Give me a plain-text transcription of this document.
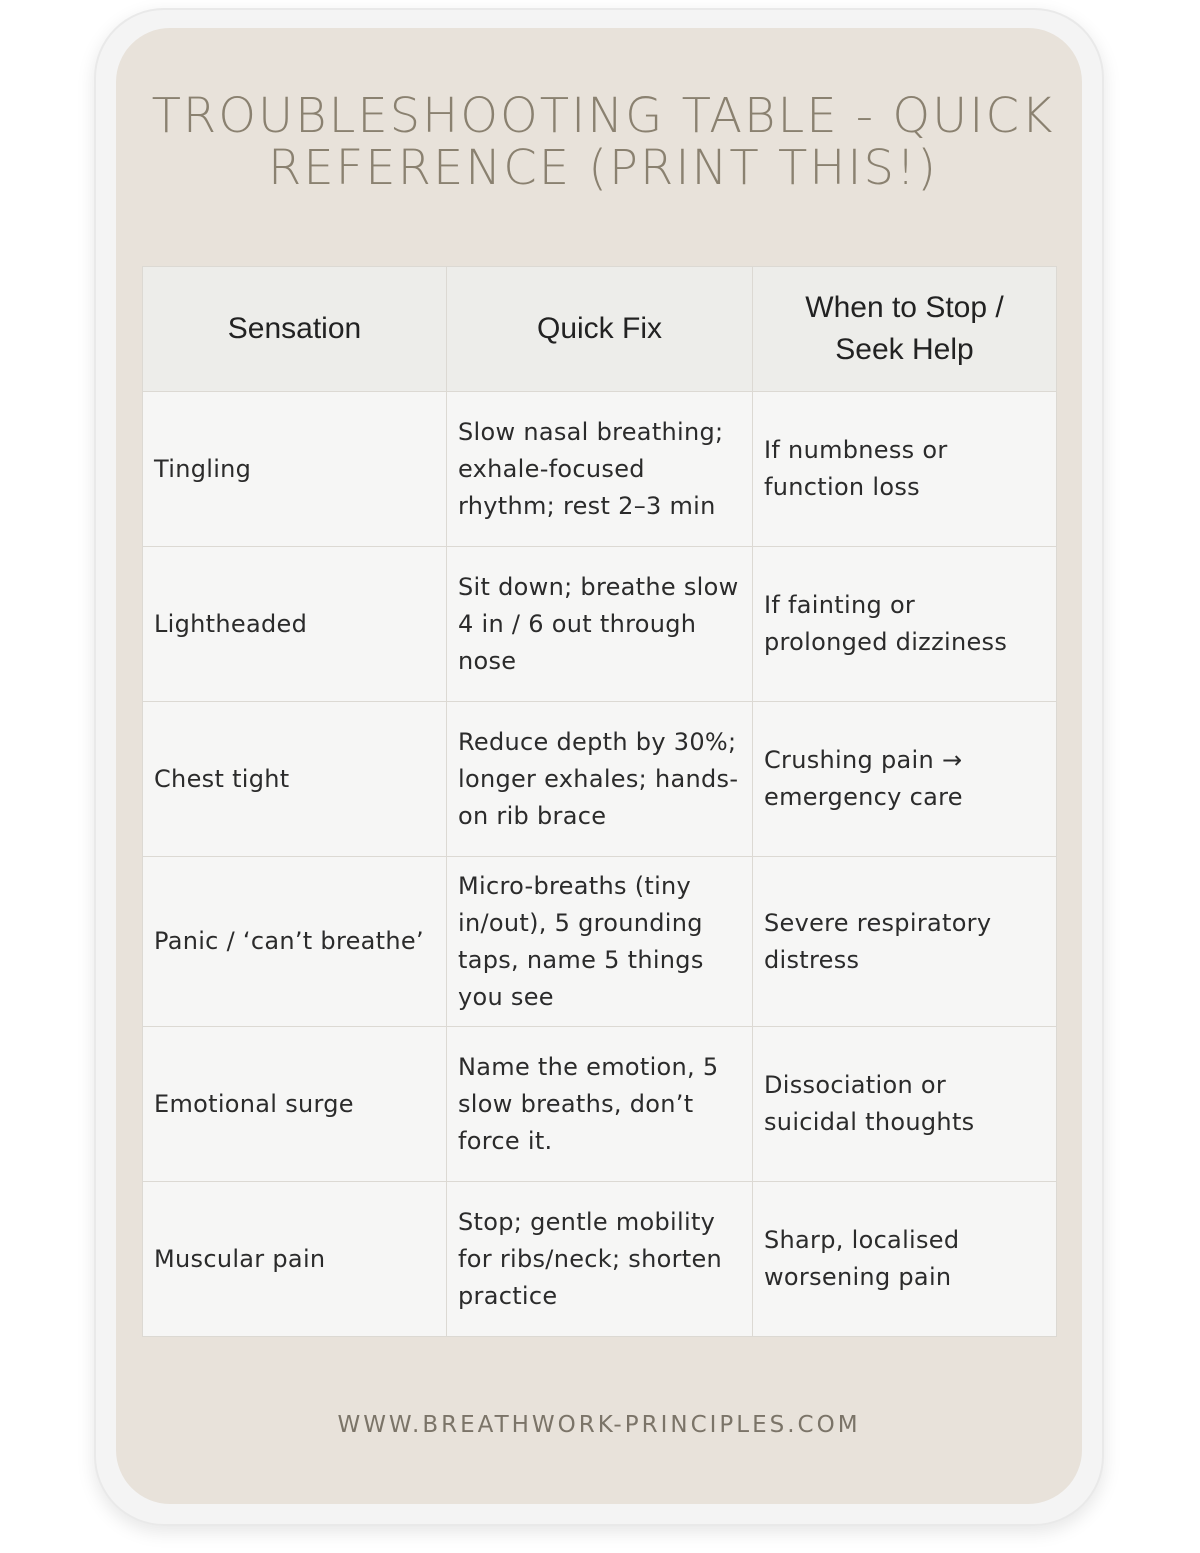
TROUBLESHOOTING TABLE - QUICK
REFERENCE (PRINT THIS!)
Sensation	Quick Fix	When to Stop / Seek Help
Tingling	Slow nasal breathing; exhale-focused rhythm; rest 2–3 min	If numbness or function loss
Lightheaded	Sit down; breathe slow 4 in / 6 out through nose	If fainting or prolonged dizziness
Chest tight	Reduce depth by 30%; longer exhales; hands-on rib brace	Crushing pain → emergency care
Panic / ‘can’t breathe’	Micro-breaths (tiny in/out), 5 grounding taps, name 5 things you see	Severe respiratory distress
Emotional surge	Name the emotion, 5 slow breaths, don’t force it.	Dissociation or suicidal thoughts
Muscular pain	Stop; gentle mobility for ribs/neck; shorten practice	Sharp, localised worsening pain
WWW.BREATHWORK-PRINCIPLES.COM
